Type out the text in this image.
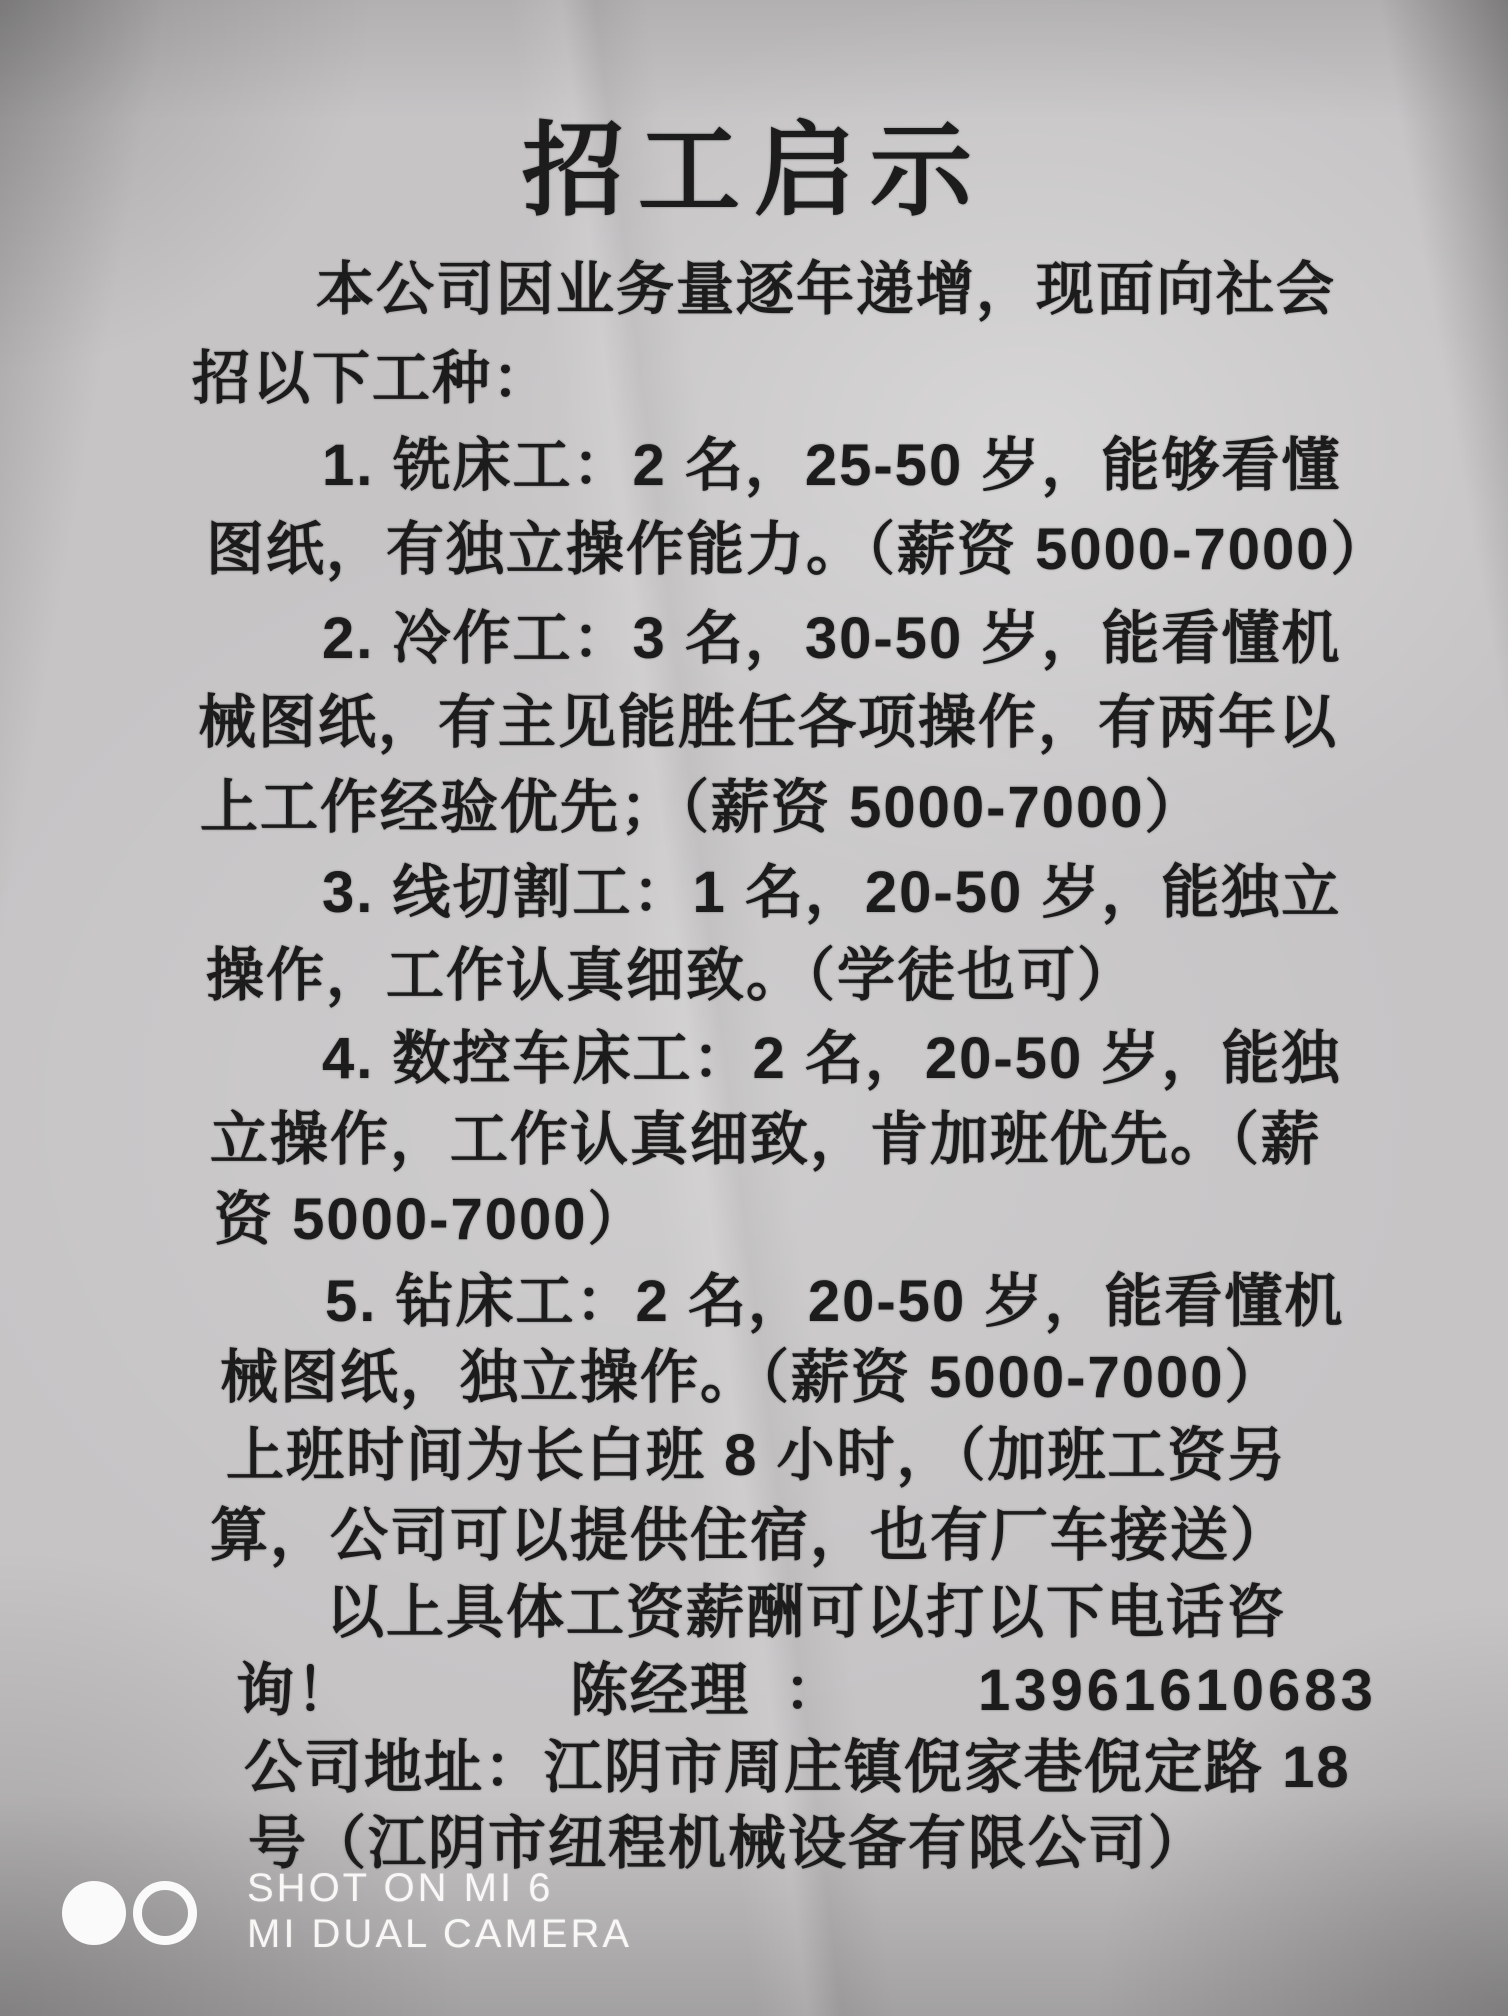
招工启示
本公司因业务量逐年递增，现面向社会
招以下工种：
1. 铣床工：2 名，25-50 岁，能够看懂
图纸，有独立操作能力。（薪资 5000-7000）
2. 冷作工：3 名，30-50 岁，能看懂机
械图纸，有主见能胜任各项操作，有两年以
上工作经验优先；（薪资 5000-7000）
3. 线切割工：1 名，20-50 岁，能独立
操作，工作认真细致。（学徒也可）
4. 数控车床工：2 名，20-50 岁，能独
立操作，工作认真细致，肯加班优先。（薪
资 5000-7000）
5. 钻床工：2 名，20-50 岁，能看懂机
械图纸，独立操作。（薪资 5000-7000）
上班时间为长白班 8 小时，（加班工资另
算，公司可以提供住宿，也有厂车接送）
以上具体工资薪酬可以打以下电话咨
询！	陈经理 ： 13961610683
公司地址：江阴市周庄镇倪家巷倪定路 18
号（江阴市纽程机械设备有限公司）
SHOT ON MI 6
MI DUAL CAMERA
